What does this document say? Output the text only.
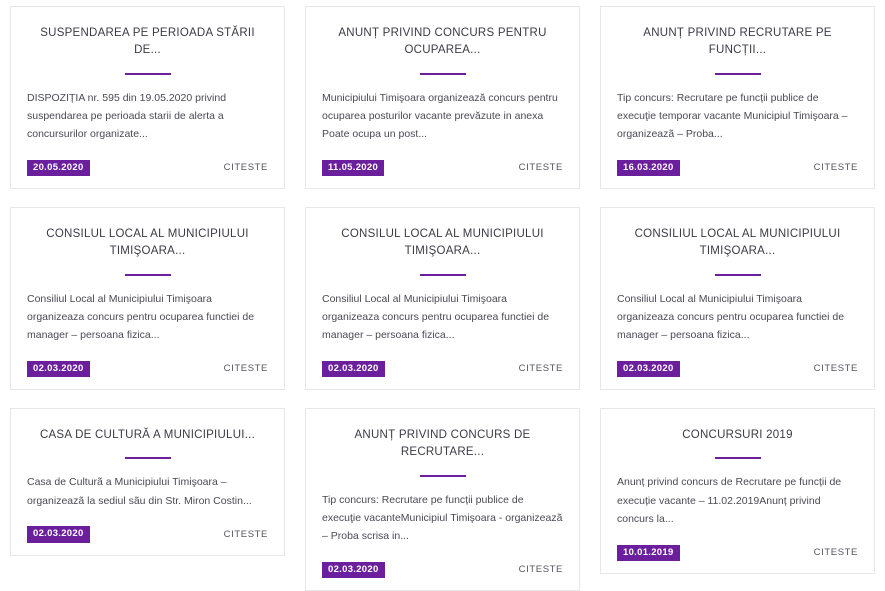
SUSPENDAREA PE PERIOADA STĂRII DE...
DISPOZIȚIA nr. 595 din 19.05.2020 privind suspendarea pe perioada starii de alerta a concursurilor organizate...
20.05.2020	CITESTE
ANUNȚ PRIVIND CONCURS PENTRU OCUPAREA...
Municipiului Timişoara organizează concurs pentru ocuparea posturilor vacante prevăzute in anexa Poate ocupa un post...
11.05.2020	CITESTE
ANUNȚ PRIVIND RECRUTARE PE FUNCȚII...
Tip concurs: Recrutare pe funcții publice de execuţie temporar vacante Municipiul Timişoara – organizeazã – Proba...
16.03.2020	CITESTE
CONSILUL LOCAL AL MUNICIPIULUI TIMIŞOARA...
Consiliul Local al Municipiului Timişoara organizeaza concurs pentru ocuparea functiei de manager – persoana fizica...
02.03.2020	CITESTE
CONSILUL LOCAL AL MUNICIPIULUI TIMIŞOARA...
Consiliul Local al Municipiului Timişoara organizeaza concurs pentru ocuparea functiei de manager – persoana fizica...
02.03.2020	CITESTE
CONSILIUL LOCAL AL MUNICIPIULUI TIMIŞOARA...
Consiliul Local al Municipiului Timişoara organizeaza concurs pentru ocuparea functiei de manager – persoana fizica...
02.03.2020	CITESTE
CASA DE CULTURĂ A MUNICIPIULUI...
Casa de Culturã a Municipiului Timişoara – organizeazã la sediul sãu din Str. Miron Costin...
02.03.2020	CITESTE
ANUNȚ PRIVIND CONCURS DE RECRUTARE...
Tip concurs: Recrutare pe funcții publice de execuţie vacanteMunicipiul Timişoara - organizeazã – Proba scrisa in...
02.03.2020	CITESTE
CONCURSURI 2019
Anunț privind concurs de Recrutare pe funcții de execuție vacante – 11.02.2019Anunț privind concurs la...
10.01.2019	CITESTE
